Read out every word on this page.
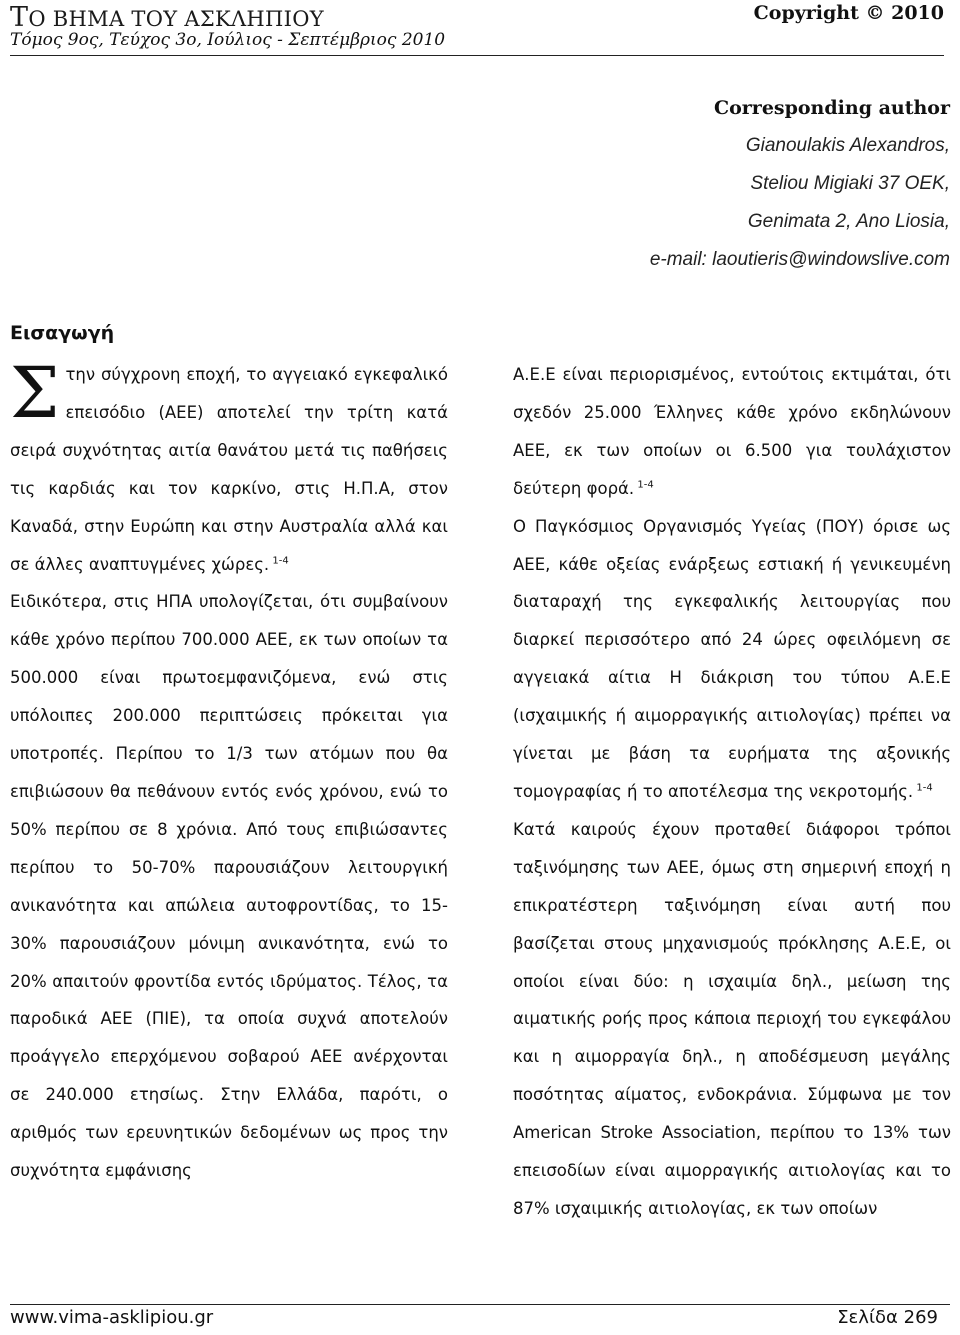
ΤΟ ΒΗΜΑ ΤΟΥ ΑΣΚΛΗΠΙΟΥ
Τόμος 9ος, Τεύχος 3ο, Ιούλιος - Σεπτέμβριος 2010
Copyright © 2010
Corresponding author
Gianoulakis Alexandros,
Steliou Migiaki 37 OEK,
Genimata 2, Ano Liosia,
e-mail: laoutieris@windowslive.com
Εισαγωγή

Στην σύγχρονη εποχή, το αγγειακό εγκεφαλικό επεισόδιο (ΑΕΕ) αποτελεί την τρίτη κατά σειρά συχνότητας αιτία θανάτου μετά τις παθήσεις τις καρδιάς και τον καρκίνο, στις Η.Π.Α, στον Καναδά, στην Ευρώπη και στην Αυστραλία αλλά και σε άλλες αναπτυγμένες χώρες. $^{1-4}$

Ειδικότερα, στις ΗΠΑ υπολογίζεται, ότι συμβαίνουν κάθε χρόνο περίπου 700.000 ΑΕΕ, εκ των οποίων τα 500.000 είναι πρωτοεμφανιζόμενα, ενώ στις υπόλοιπες 200.000 περιπτώσεις πρόκειται για υποτροπές. Περίπου το 1/3 των ατόμων που θα επιβιώσουν θα πεθάνουν εντός ενός χρόνου, ενώ το 50% περίπου σε 8 χρόνια. Από τους επιβιώσαντες περίπου το 50-70% παρουσιάζουν λειτουργική ανικανότητα και απώλεια αυτοφροντίδας, το 15-30% παρουσιάζουν μόνιμη ανικανότητα, ενώ το 20% απαιτούν φροντίδα εντός ιδρύματος. Τέλος, τα παροδικά ΑΕΕ (ΠΙΕ), τα οποία συχνά αποτελούν προάγγελο επερχόμενου σοβαρού ΑΕΕ ανέρχονται σε 240.000 ετησίως. Στην Ελλάδα, παρότι, ο αριθμός των ερευνητικών δεδομένων ως προς την συχνότητα εμφάνισης

Α.Ε.Ε είναι περιορισμένος, εντούτοις εκτιμάται, ότι σχεδόν 25.000 Έλληνες κάθε χρόνο εκδηλώνουν ΑΕΕ, εκ των οποίων οι 6.500 για τουλάχιστον δεύτερη φορά. $^{1-4}$

Ο Παγκόσμιος Οργανισμός Υγείας (ΠΟΥ) όρισε ως ΑΕΕ, κάθε οξείας ενάρξεως εστιακή ή γενικευμένη διαταραχή της εγκεφαλικής λειτουργίας που διαρκεί περισσότερο από 24 ώρες οφειλόμενη σε αγγειακά αίτια Η διάκριση του τύπου Α.Ε.Ε (ισχαιμικής ή αιμορραγικής αιτιολογίας) πρέπει να γίνεται με βάση τα ευρήματα της αξονικής τομογραφίας ή το αποτέλεσμα της νεκροτομής. $^{1-4}$

Κατά καιρούς έχουν προταθεί διάφοροι τρόποι ταξινόμησης των ΑΕΕ, όμως στη σημερινή εποχή η επικρατέστερη ταξινόμηση είναι αυτή που βασίζεται στους μηχανισμούς πρόκλησης Α.Ε.Ε, οι οποίοι είναι δύο: η ισχαιμία δηλ., μείωση της αιματικής ροής προς κάποια περιοχή του εγκεφάλου και η αιμορραγία δηλ., η αποδέσμευση μεγάλης ποσότητας αίματος, ενδοκράνια. Σύμφωνα με τον American Stroke Association, περίπου το 13% των επεισοδίων είναι αιμορραγικής αιτιολογίας και το 87% ισχαιμικής αιτιολογίας, εκ των οποίων

www.vima-asklipiou.gr	Σελίδα 269
